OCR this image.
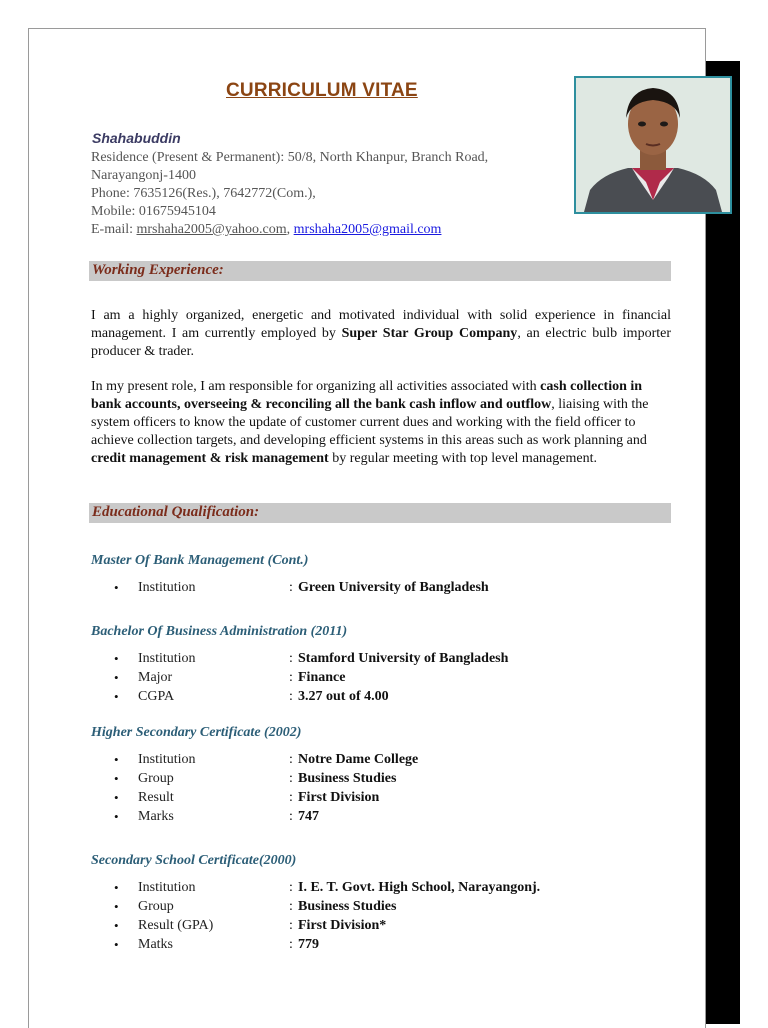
CURRICULUM VITAE
Shahabuddin
Residence (Present & Permanent): 50/8, North Khanpur, Branch Road,
Narayangonj-1400
Phone: 7635126(Res.), 7642772(Com.),
Mobile: 01675945104
E-mail: mrshaha2005@yahoo.com, mrshaha2005@gmail.com
Working Experience:
I am a highly organized, energetic and motivated individual with solid experience in financial management. I am currently employed by Super Star Group Company, an electric bulb importer producer & trader.
In my present role, I am responsible for organizing all activities associated with cash collection in bank accounts, overseeing & reconciling all the bank cash inflow and outflow, liaising with the system officers to know the update of customer current dues and working with the field officer to achieve collection targets, and developing efficient systems in this areas such as work planning and credit management & risk management by regular meeting with top level management.
Educational Qualification:
Master Of Bank Management (Cont.)
• Institution	: Green University of Bangladesh
Bachelor Of Business Administration (2011)
• Institution	: Stamford University of Bangladesh
• Major	: Finance
• CGPA	: 3.27 out of 4.00
Higher Secondary Certificate (2002)
• Institution	: Notre Dame College
• Group	: Business Studies
• Result	: First Division
• Marks	: 747
Secondary School Certificate(2000)
• Institution	: I. E. T. Govt. High School, Narayangonj.
• Group	: Business Studies
• Result (GPA)	: First Division*
• Matks	: 779
